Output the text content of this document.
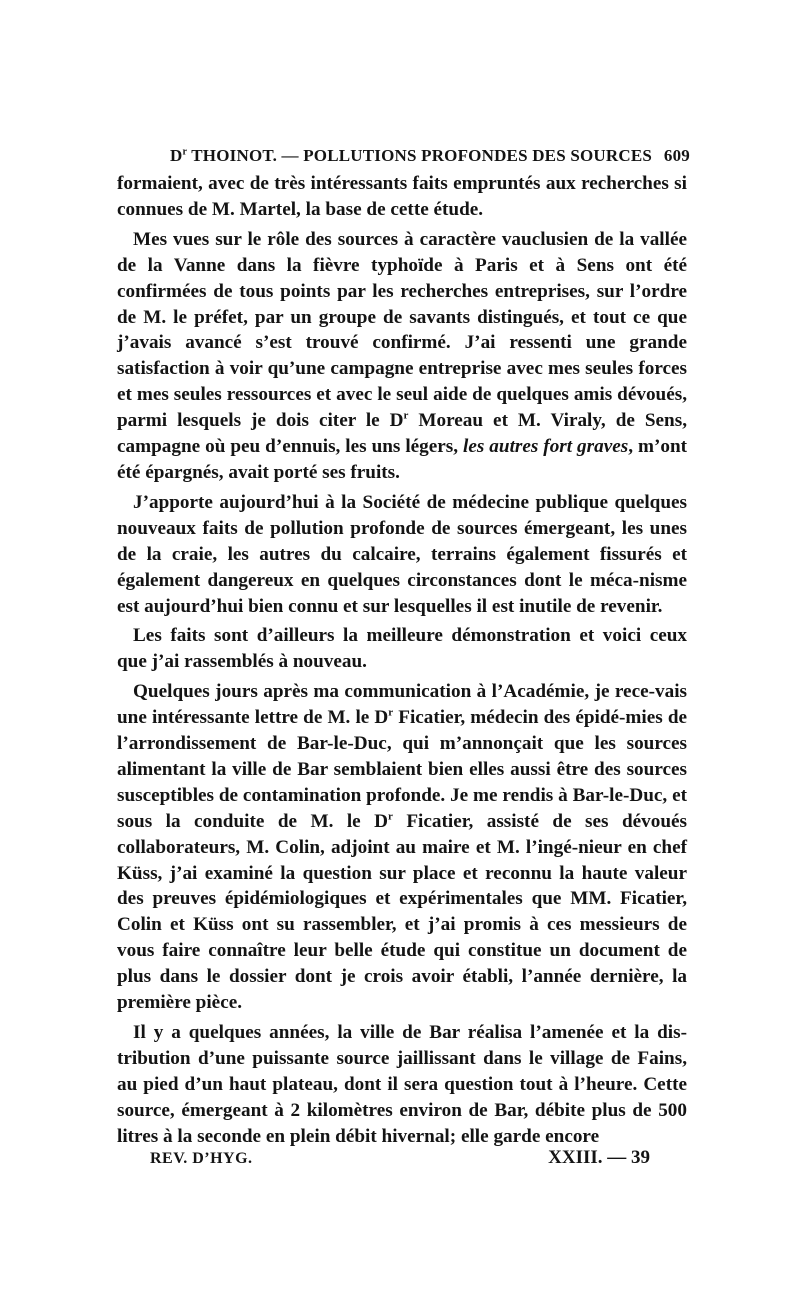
$D^r$ THOINOT. — POLLUTIONS PROFONDES DES SOURCES 609

formaient, avec de très intéressants faits empruntés aux recherches si connues de M. Martel, la base de cette étude.

Mes vues sur le rôle des sources à caractère vauclusien de la vallée de la Vanne dans la fièvre typhoïde à Paris et à Sens ont été confirmées de tous points par les recherches entreprises, sur l’ordre de M. le préfet, par un groupe de savants distingués, et tout ce que j’avais avancé s’est trouvé confirmé. J’ai ressenti une grande satisfaction à voir qu’une campagne entreprise avec mes seules forces et mes seules ressources et avec le seul aide de quelques amis dévoués, parmi lesquels je dois citer le $D^r$ Moreau et M. Viraly, de Sens, campagne où peu d’ennuis, les uns légers, les autres fort graves, m’ont été épargnés, avait porté ses fruits.

J’apporte aujourd’hui à la Société de médecine publique quelques nouveaux faits de pollution profonde de sources émergeant, les unes de la craie, les autres du calcaire, terrains également fissurés et également dangereux en quelques circonstances dont le méca-nisme est aujourd’hui bien connu et sur lesquelles il est inutile de revenir.

Les faits sont d’ailleurs la meilleure démonstration et voici ceux que j’ai rassemblés à nouveau.

Quelques jours après ma communication à l’Académie, je rece-vais une intéressante lettre de M. le $D^r$ Ficatier, médecin des épidé-mies de l’arrondissement de Bar-le-Duc, qui m’annonçait que les sources alimentant la ville de Bar semblaient bien elles aussi être des sources susceptibles de contamination profonde. Je me rendis à Bar-le-Duc, et sous la conduite de M. le $D^r$ Ficatier, assisté de ses dévoués collaborateurs, M. Colin, adjoint au maire et M. l’ingé-nieur en chef Küss, j’ai examiné la question sur place et reconnu la haute valeur des preuves épidémiologiques et expérimentales que MM. Ficatier, Colin et Küss ont su rassembler, et j’ai promis à ces messieurs de vous faire connaître leur belle étude qui constitue un document de plus dans le dossier dont je crois avoir établi, l’année dernière, la première pièce.

Il y a quelques années, la ville de Bar réalisa l’amenée et la dis-tribution d’une puissante source jaillissant dans le village de Fains, au pied d’un haut plateau, dont il sera question tout à l’heure. Cette source, émergeant à 2 kilomètres environ de Bar, débite plus de 500 litres à la seconde en plein débit hivernal; elle garde encore

REV. D’HYG.	XXIII. — 39
